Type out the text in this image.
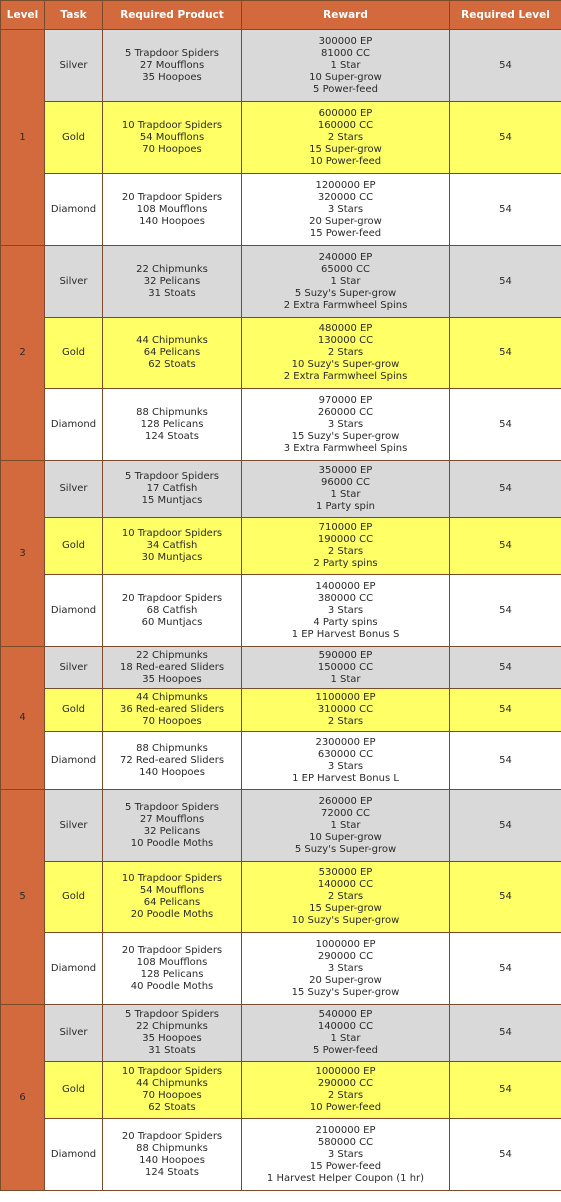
Level	Task	Required Product	Reward	Required Level
1	Silver	5 Trapdoor Spiders
27 Moufflons
35 Hoopoes	300000 EP
81000 CC
1 Star
10 Super-grow
5 Power-feed	54
	Gold	10 Trapdoor Spiders
54 Moufflons
70 Hoopoes	600000 EP
160000 CC
2 Stars
15 Super-grow
10 Power-feed	54
	Diamond	20 Trapdoor Spiders
108 Moufflons
140 Hoopoes	1200000 EP
320000 CC
3 Stars
20 Super-grow
15 Power-feed	54
2	Silver	22 Chipmunks
32 Pelicans
31 Stoats	240000 EP
65000 CC
1 Star
5 Suzy's Super-grow
2 Extra Farmwheel Spins	54
	Gold	44 Chipmunks
64 Pelicans
62 Stoats	480000 EP
130000 CC
2 Stars
10 Suzy's Super-grow
2 Extra Farmwheel Spins	54
	Diamond	88 Chipmunks
128 Pelicans
124 Stoats	970000 EP
260000 CC
3 Stars
15 Suzy's Super-grow
3 Extra Farmwheel Spins	54
3	Silver	5 Trapdoor Spiders
17 Catfish
15 Muntjacs	350000 EP
96000 CC
1 Star
1 Party spin	54
	Gold	10 Trapdoor Spiders
34 Catfish
30 Muntjacs	710000 EP
190000 CC
2 Stars
2 Party spins	54
	Diamond	20 Trapdoor Spiders
68 Catfish
60 Muntjacs	1400000 EP
380000 CC
3 Stars
4 Party spins
1 EP Harvest Bonus S	54
4	Silver	22 Chipmunks
18 Red-eared Sliders
35 Hoopoes	590000 EP
150000 CC
1 Star	54
	Gold	44 Chipmunks
36 Red-eared Sliders
70 Hoopoes	1100000 EP
310000 CC
2 Stars	54
	Diamond	88 Chipmunks
72 Red-eared Sliders
140 Hoopoes	2300000 EP
630000 CC
3 Stars
1 EP Harvest Bonus L	54
5	Silver	5 Trapdoor Spiders
27 Moufflons
32 Pelicans
10 Poodle Moths	260000 EP
72000 CC
1 Star
10 Super-grow
5 Suzy's Super-grow	54
	Gold	10 Trapdoor Spiders
54 Moufflons
64 Pelicans
20 Poodle Moths	530000 EP
140000 CC
2 Stars
15 Super-grow
10 Suzy's Super-grow	54
	Diamond	20 Trapdoor Spiders
108 Moufflons
128 Pelicans
40 Poodle Moths	1000000 EP
290000 CC
3 Stars
20 Super-grow
15 Suzy's Super-grow	54
6	Silver	5 Trapdoor Spiders
22 Chipmunks
35 Hoopoes
31 Stoats	540000 EP
140000 CC
1 Star
5 Power-feed	54
	Gold	10 Trapdoor Spiders
44 Chipmunks
70 Hoopoes
62 Stoats	1000000 EP
290000 CC
2 Stars
10 Power-feed	54
	Diamond	20 Trapdoor Spiders
88 Chipmunks
140 Hoopoes
124 Stoats	2100000 EP
580000 CC
3 Stars
15 Power-feed
1 Harvest Helper Coupon (1 hr)	54
